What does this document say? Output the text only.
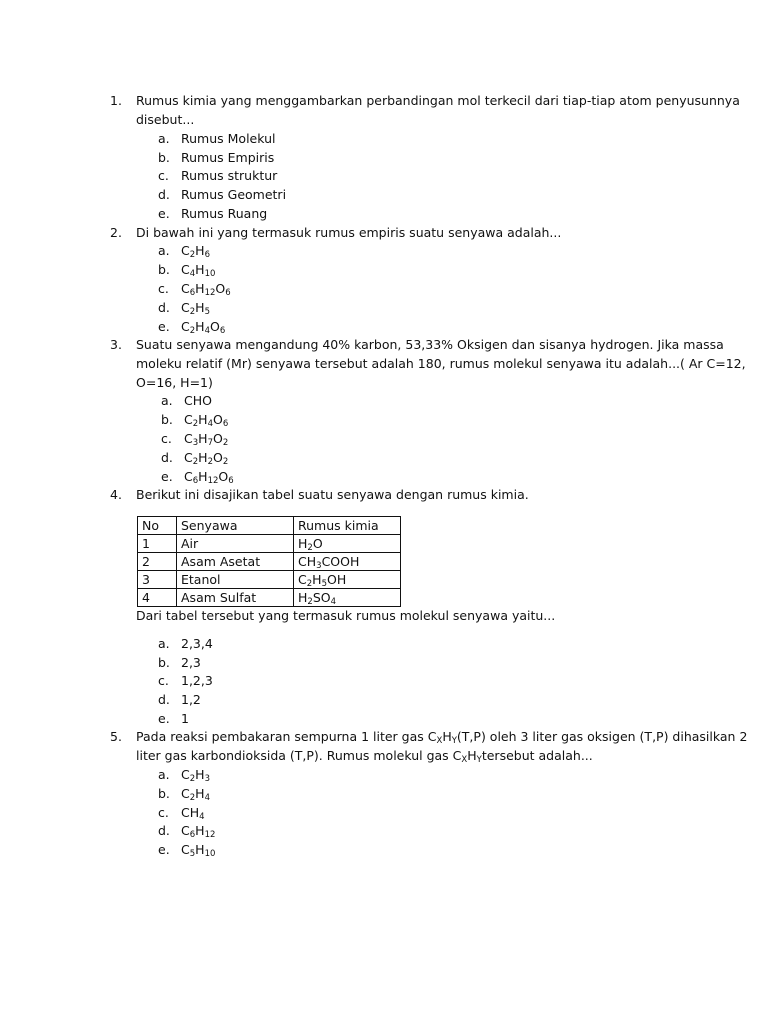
1. Rumus kimia yang menggambarkan perbandingan mol terkecil dari tiap-tiap atom penyusunnya
disebut...
a. Rumus Molekul
b. Rumus Empiris
c. Rumus struktur
d. Rumus Geometri
e. Rumus Ruang
2. Di bawah ini yang termasuk rumus empiris suatu senyawa adalah...
a. $C_2H_6$
b. $C_4H_{10}$
c. $C_6H_{12}O_6$
d. $C_2H_5$
e. $C_2H_4O_6$
3. Suatu senyawa mengandung 40% karbon, 53,33% Oksigen dan sisanya hydrogen. Jika massa
moleku relatif (Mr) senyawa tersebut adalah 180, rumus molekul senyawa itu adalah...( Ar C=12,
O=16, H=1)
a. CHO
b. $C_2H_4O_6$
c. $C_3H_7O_2$
d. $C_2H_2O_2$
e. $C_6H_{12}O_6$
4. Berikut ini disajikan tabel suatu senyawa dengan rumus kimia.
No	Senyawa	Rumus kimia
1	Air	$H_2O$
2	Asam Asetat	$CH_3COOH$
3	Etanol	$C_2H_5OH$
4	Asam Sulfat	$H_2SO_4$
Dari tabel tersebut yang termasuk rumus molekul senyawa yaitu...
a. 2,3,4
b. 2,3
c. 1,2,3
d. 1,2
e. 1
5. Pada reaksi pembakaran sempurna 1 liter gas $C_XH_Y(T,P)$ oleh 3 liter gas oksigen (T,P) dihasilkan 2
liter gas karbondioksida (T,P). Rumus molekul gas $C_XH_Ytersebut$ adalah...
a. $C_2H_3$
b. $C_2H_4$
c. $CH_4$
d. $C_6H_{12}$
e. $C_5H_{10}$
